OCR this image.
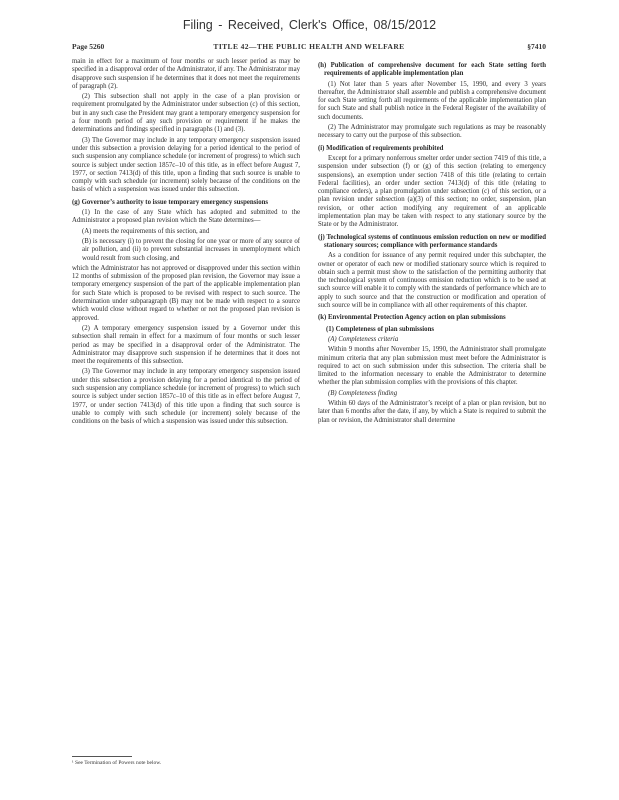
Filing - Received, Clerk's Office, 08/15/2012
Page 5260	TITLE 42—THE PUBLIC HEALTH AND WELFARE	§7410

main in effect for a maximum of four months or such lesser period as may be specified in a disapproval order of the Administrator, if any. The Administrator may disapprove such suspension if he determines that it does not meet the requirements of paragraph (2).

(2) This subsection shall not apply in the case of a plan provision or requirement promulgated by the Administrator under subsection (c) of this section, but in any such case the President may grant a temporary emergency suspension for a four month period of any such provision or requirement if he makes the determinations and findings specified in paragraphs (1) and (3).

(3) The Governor may include in any temporary emergency suspension issued under this subsection a provision delaying for a period identical to the period of such suspension any compliance schedule (or increment of progress) to which such source is subject under section 1857c–10 of this title, as in effect before August 7, 1977, or section 7413(d) of this title, upon a finding that such source is unable to comply with such schedule (or increment) solely because of the conditions on the basis of which a suspension was issued under this subsection.

(g) Governor’s authority to issue temporary emergency suspensions

(1) In the case of any State which has adopted and submitted to the Administrator a proposed plan revision which the State determines—

(A) meets the requirements of this section, and

(B) is necessary (i) to prevent the closing for one year or more of any source of air pollution, and (ii) to prevent substantial increases in unemployment which would result from such closing, and

which the Administrator has not approved or disapproved under this section within 12 months of submission of the proposed plan revision, the Governor may issue a temporary emergency suspension of the part of the applicable implementation plan for such State which is proposed to be revised with respect to such source. The determination under subparagraph (B) may not be made with respect to a source which would close without regard to whether or not the proposed plan revision is approved.

(2) A temporary emergency suspension issued by a Governor under this subsection shall remain in effect for a maximum of four months or such lesser period as may be specified in a disapproval order of the Administrator. The Administrator may disapprove such suspension if he determines that it does not meet the requirements of this subsection.

(3) The Governor may include in any temporary emergency suspension issued under this subsection a provision delaying for a period identical to the period of such suspension any compliance schedule (or increment of progress) to which such source is subject under section 1857c–10 of this title as in effect before August 7, 1977, or under section 7413(d) of this title upon a finding that such source is unable to comply with such schedule (or increment) solely because of the conditions on the basis of which a suspension was issued under this subsection.

(h) Publication of comprehensive document for each State setting forth requirements of applicable implementation plan

(1) Not later than 5 years after November 15, 1990, and every 3 years thereafter, the Administrator shall assemble and publish a comprehensive document for each State setting forth all requirements of the applicable implementation plan for such State and shall publish notice in the Federal Register of the availability of such documents.

(2) The Administrator may promulgate such regulations as may be reasonably necessary to carry out the purpose of this subsection.

(i) Modification of requirements prohibited

Except for a primary nonferrous smelter order under section 7419 of this title, a suspension under subsection (f) or (g) of this section (relating to emergency suspensions), an exemption under section 7418 of this title (relating to certain Federal facilities), an order under section 7413(d) of this title (relating to compliance orders), a plan promulgation under subsection (c) of this section, or a plan revision under subsection (a)(3) of this section; no order, suspension, plan revision, or other action modifying any requirement of an applicable implementation plan may be taken with respect to any stationary source by the State or by the Administrator.

(j) Technological systems of continuous emission reduction on new or modified stationary sources; compliance with performance standards

As a condition for issuance of any permit required under this subchapter, the owner or operator of each new or modified stationary source which is required to obtain such a permit must show to the satisfaction of the permitting authority that the technological system of continuous emission reduction which is to be used at such source will enable it to comply with the standards of performance which are to apply to such source and that the construction or modification and operation of such source will be in compliance with all other requirements of this chapter.

(k) Environmental Protection Agency action on plan submissions
(1) Completeness of plan submissions
(A) Completeness criteria

Within 9 months after November 15, 1990, the Administrator shall promulgate minimum criteria that any plan submission must meet before the Administrator is required to act on such submission under this subsection. The criteria shall be limited to the information necessary to enable the Administrator to determine whether the plan submission complies with the provisions of this chapter.

(B) Completeness finding

Within 60 days of the Administrator’s receipt of a plan or plan revision, but no later than 6 months after the date, if any, by which a State is required to submit the plan or revision, the Administrator shall determine

¹ See Termination of Powers note below.
